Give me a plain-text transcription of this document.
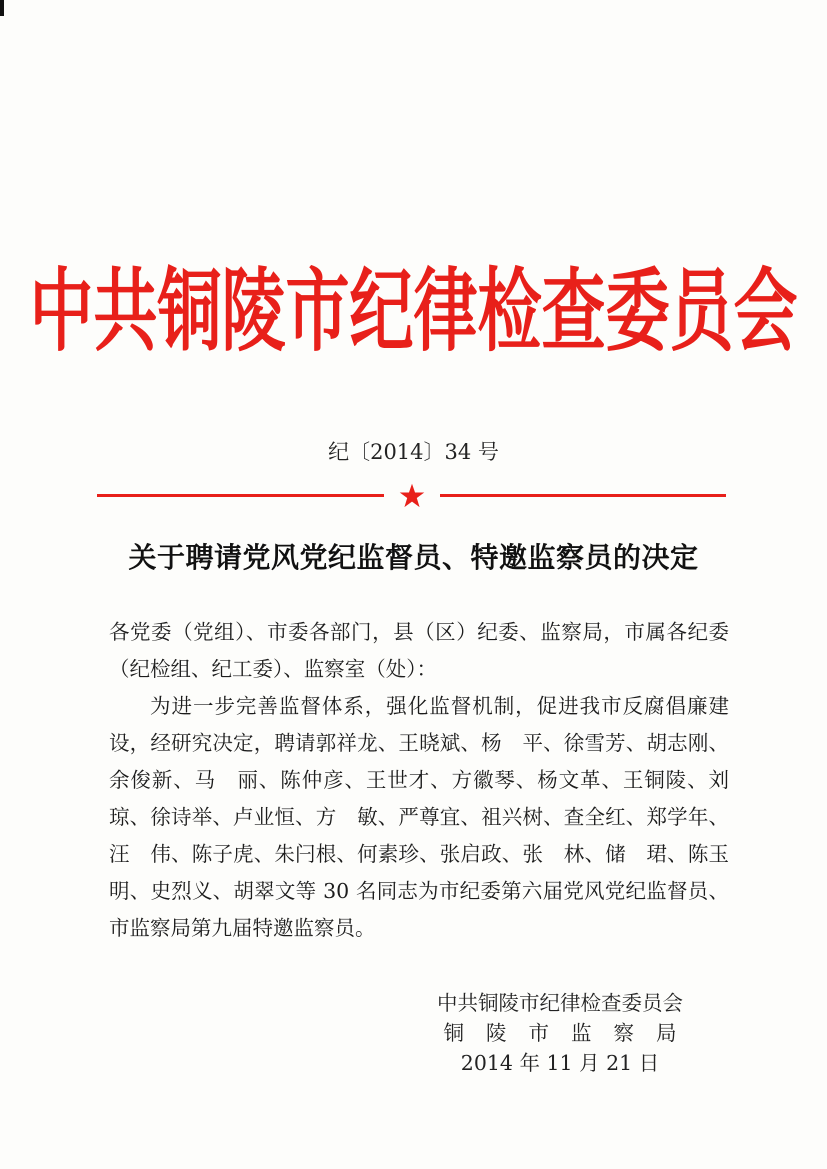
中共铜陵市纪律检查委员会
纪〔2014〕34 号
关于聘请党风党纪监督员、特邀监察员的决定

各党委（党组）、市委各部门，县（区）纪委、监察局，市属各纪委（纪检组、纪工委）、监察室（处）：

为进一步完善监督体系，强化监督机制，促进我市反腐倡廉建设，经研究决定，聘请郭祥龙、王晓斌、杨　平、徐雪芳、胡志刚、余俊新、马　丽、陈仲彦、王世才、方徽琴、杨文革、王铜陵、刘　琼、徐诗举、卢业恒、方　敏、严尊宜、祖兴树、查全红、郑学年、汪　伟、陈子虎、朱闩根、何素珍、张启政、张　林、储　珺、陈玉明、史烈义、胡翠文等 30 名同志为市纪委第六届党风党纪监督员、市监察局第九届特邀监察员。

中共铜陵市纪律检查委员会
铜陵市监察局
2014 年 11 月 21 日
